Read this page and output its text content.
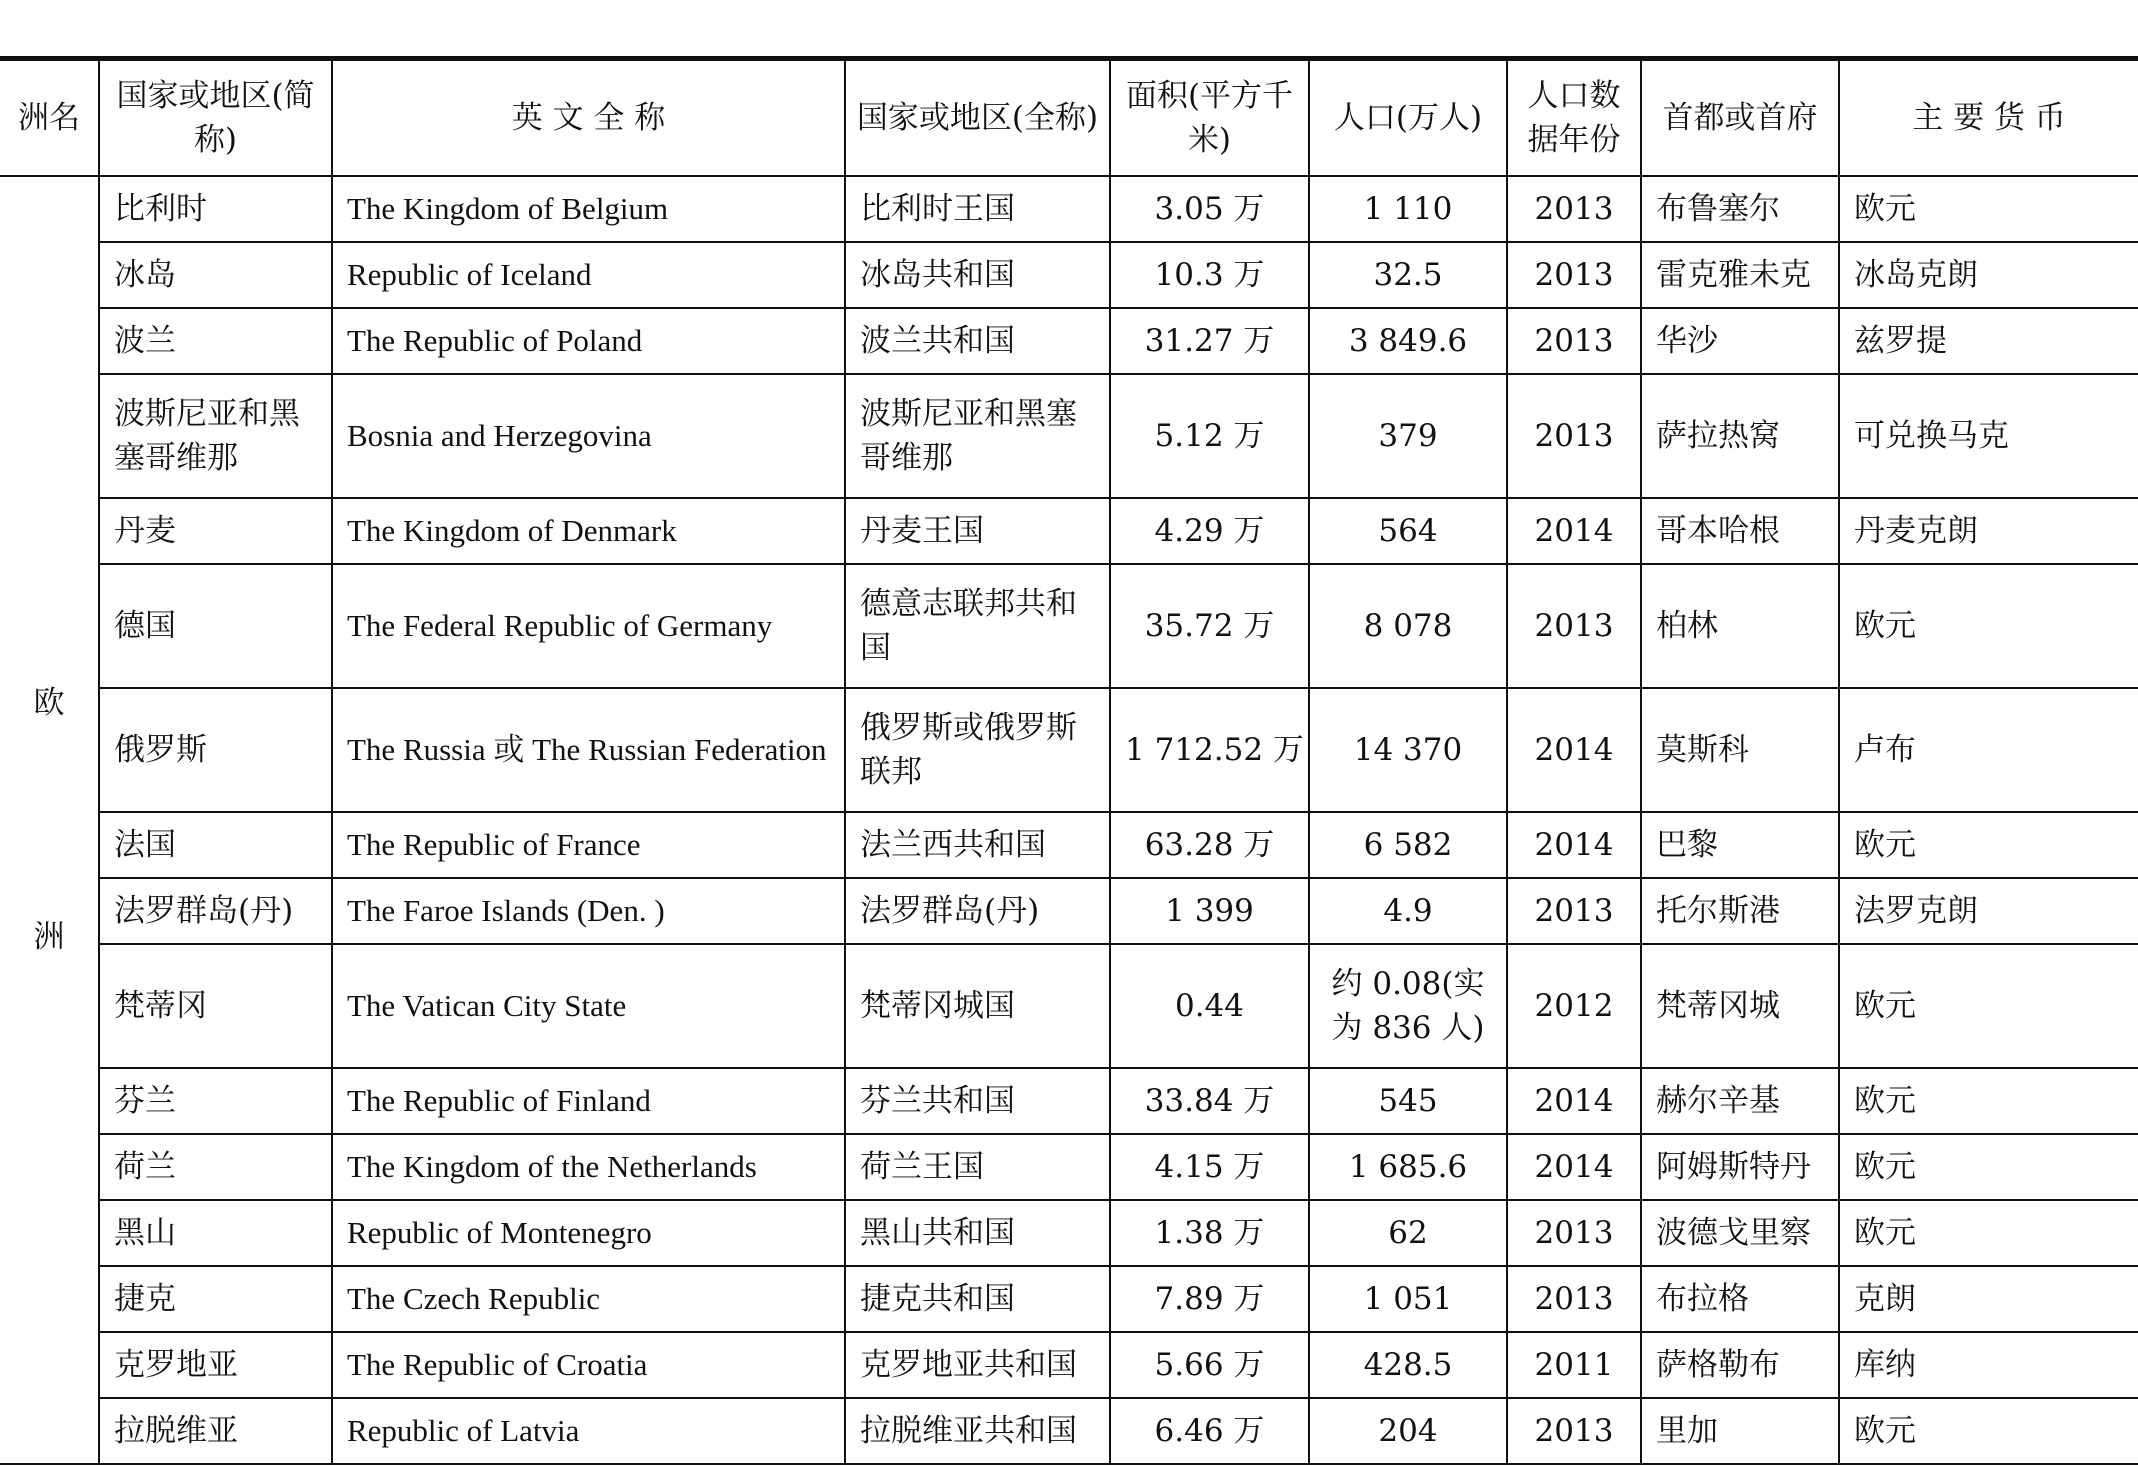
洲名	国家或地区(简称)	英 文 全 称	国家或地区(全称)	面积(平方千米)	人口(万人)	人口数据年份	首都或首府	主 要 货 币

欧
洲	比利时	The Kingdom of Belgium	比利时王国	3.05 万	1 110	2013	布鲁塞尔	欧元
	冰岛	Republic of Iceland	冰岛共和国	10.3 万	32.5	2013	雷克雅未克	冰岛克朗
	波兰	The Republic of Poland	波兰共和国	31.27 万	3 849.6	2013	华沙	兹罗提
	波斯尼亚和黑塞哥维那	Bosnia and Herzegovina	波斯尼亚和黑塞哥维那	5.12 万	379	2013	萨拉热窝	可兑换马克
	丹麦	The Kingdom of Denmark	丹麦王国	4.29 万	564	2014	哥本哈根	丹麦克朗
	德国	The Federal Republic of Germany	德意志联邦共和国	35.72 万	8 078	2013	柏林	欧元
	俄罗斯	The Russia 或 The Russian Federation	俄罗斯或俄罗斯联邦	1 712.52 万	14 370	2014	莫斯科	卢布
	法国	The Republic of France	法兰西共和国	63.28 万	6 582	2014	巴黎	欧元
	法罗群岛(丹)	The Faroe Islands (Den. )	法罗群岛(丹)	1 399	4.9	2013	托尔斯港	法罗克朗
	梵蒂冈	The Vatican City State	梵蒂冈城国	0.44	约 0.08(实为 836 人)	2012	梵蒂冈城	欧元
	芬兰	The Republic of Finland	芬兰共和国	33.84 万	545	2014	赫尔辛基	欧元
	荷兰	The Kingdom of the Netherlands	荷兰王国	4.15 万	1 685.6	2014	阿姆斯特丹	欧元
	黑山	Republic of Montenegro	黑山共和国	1.38 万	62	2013	波德戈里察	欧元
	捷克	The Czech Republic	捷克共和国	7.89 万	1 051	2013	布拉格	克朗
	克罗地亚	The Republic of Croatia	克罗地亚共和国	5.66 万	428.5	2011	萨格勒布	库纳
	拉脱维亚	Republic of Latvia	拉脱维亚共和国	6.46 万	204	2013	里加	欧元
